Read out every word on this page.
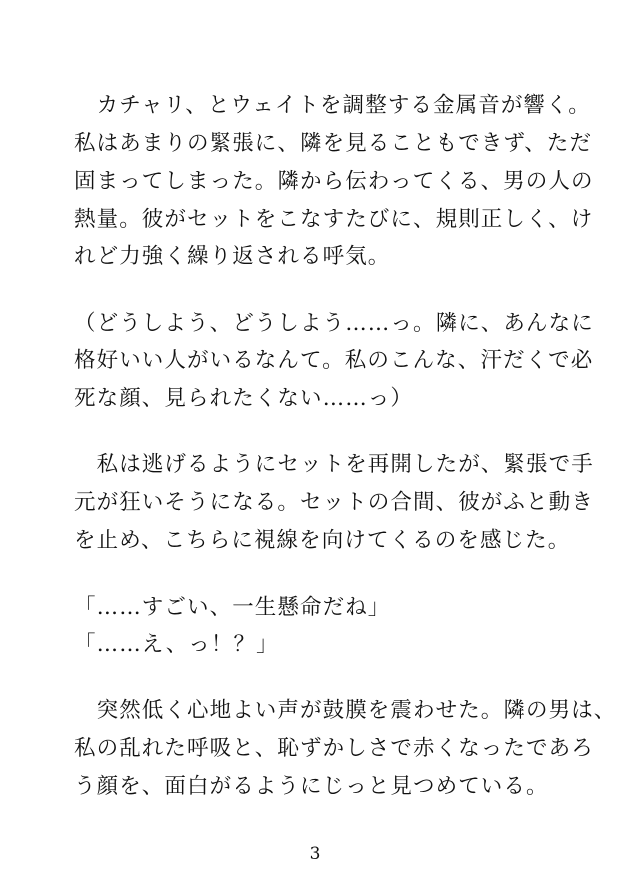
　カチャリ、とウェイトを調整する金属音が響く。
私はあまりの緊張に、隣を見ることもできず、ただ
固まってしまった。隣から伝わってくる、男の人の
熱量。彼がセットをこなすたびに、規則正しく、け
れど力強く繰り返される呼気。
（どうしよう、どうしよう……っ。隣に、あんなに
格好いい人がいるなんて。私のこんな、汗だくで必
死な顔、見られたくない……っ）
　私は逃げるようにセットを再開したが、緊張で手
元が狂いそうになる。セットの合間、彼がふと動き
を止め、こちらに視線を向けてくるのを感じた。
「……すごい、一生懸命だね」
「……え、っ！？」
　突然低く心地よい声が鼓膜を震わせた。隣の男は、
私の乱れた呼吸と、恥ずかしさで赤くなったであろ
う顔を、面白がるようにじっと見つめている。
3
